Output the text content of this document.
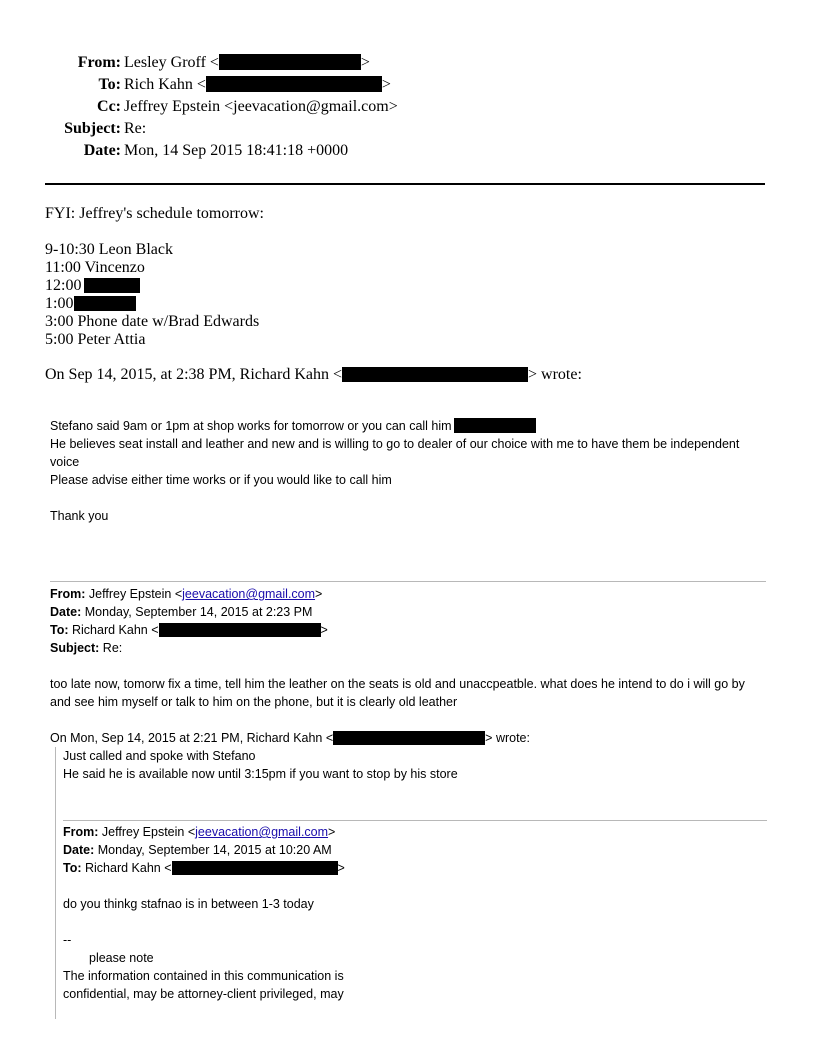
From: Lesley Groff <	>
To: Rich Kahn <	>
Cc: Jeffrey Epstein <jeevacation@gmail.com>
Subject: Re:
Date: Mon, 14 Sep 2015 18:41:18 +0000

FYI: Jeffrey's schedule tomorrow:

9-10:30 Leon Black

11:00 Vincenzo

12:00

1:00

3:00 Phone date w/Brad Edwards

5:00 Peter Attia

On Sep 14, 2015, at 2:38 PM, Richard Kahn <	> wrote:

Stefano said 9am or 1pm at shop works for tomorrow or you can call him

He believes seat install and leather and new and is willing to go to dealer of our choice with me to have them be independent voice

Please advise either time works or if you would like to call him

Thank you

From: Jeffrey Epstein <jeevacation@gmail.com>
Date: Monday, September 14, 2015 at 2:23 PM
To: Richard Kahn <	>
Subject: Re:

too late now, tomorw fix a time, tell him the leather on the seats is old and unaccpeatble. what does he intend to do i will go by and see him myself or talk to him on the phone, but it is clearly old leather

On Mon, Sep 14, 2015 at 2:21 PM, Richard Kahn <	> wrote:

Just called and spoke with Stefano

He said he is available now until 3:15pm if you want to stop by his store

From: Jeffrey Epstein <jeevacation@gmail.com>
Date: Monday, September 14, 2015 at 10:20 AM
To: Richard Kahn <	>
do you thinkg stafnao is in between 1-3 today

--

please note

The information contained in this communication is

confidential, may be attorney-client privileged, may
